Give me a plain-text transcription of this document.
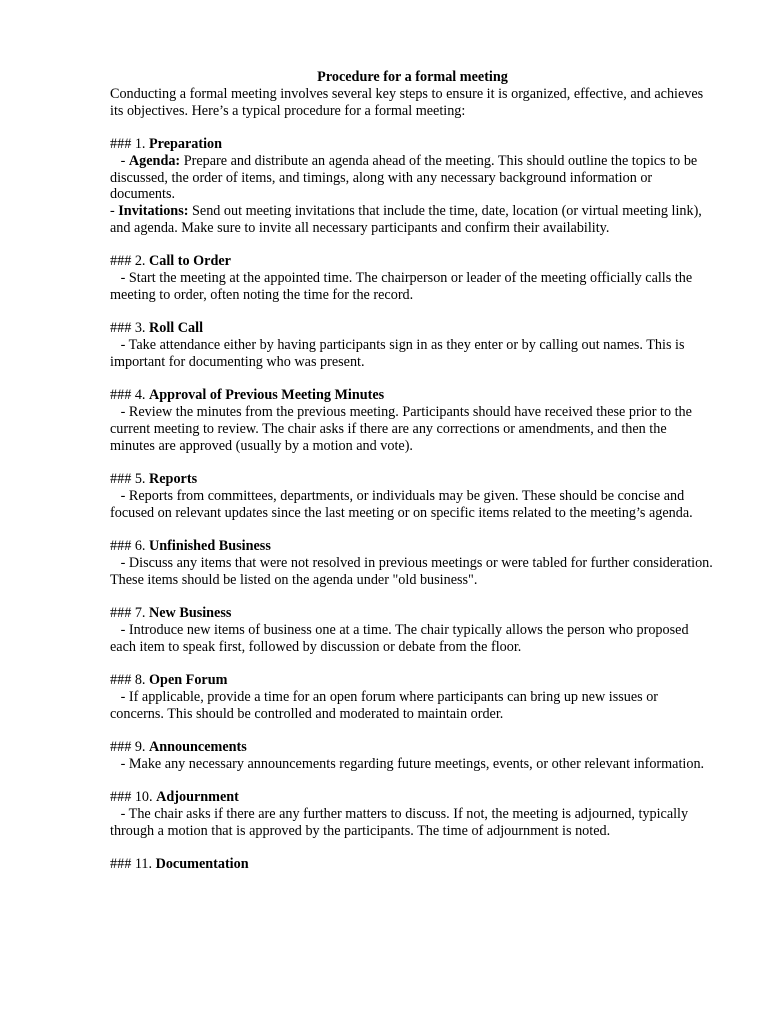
Procedure for a formal meeting

Conducting a formal meeting involves several key steps to ensure it is organized, effective, and achieves its objectives. Here’s a typical procedure for a formal meeting:

### 1. Preparation

- Agenda: Prepare and distribute an agenda ahead of the meeting. This should outline the topics to be discussed, the order of items, and timings, along with any necessary background information or documents.

- Invitations: Send out meeting invitations that include the time, date, location (or virtual meeting link), and agenda. Make sure to invite all necessary participants and confirm their availability.

### 2. Call to Order

- Start the meeting at the appointed time. The chairperson or leader of the meeting officially calls the meeting to order, often noting the time for the record.

### 3. Roll Call

- Take attendance either by having participants sign in as they enter or by calling out names. This is important for documenting who was present.

### 4. Approval of Previous Meeting Minutes

- Review the minutes from the previous meeting. Participants should have received these prior to the current meeting to review. The chair asks if there are any corrections or amendments, and then the minutes are approved (usually by a motion and vote).

### 5. Reports

- Reports from committees, departments, or individuals may be given. These should be concise and focused on relevant updates since the last meeting or on specific items related to the meeting’s agenda.

### 6. Unfinished Business

- Discuss any items that were not resolved in previous meetings or were tabled for further consideration. These items should be listed on the agenda under "old business".

### 7. New Business

- Introduce new items of business one at a time. The chair typically allows the person who proposed each item to speak first, followed by discussion or debate from the floor.

### 8. Open Forum

- If applicable, provide a time for an open forum where participants can bring up new issues or concerns. This should be controlled and moderated to maintain order.

### 9. Announcements

- Make any necessary announcements regarding future meetings, events, or other relevant information.

### 10. Adjournment

- The chair asks if there are any further matters to discuss. If not, the meeting is adjourned, typically through a motion that is approved by the participants. The time of adjournment is noted.

### 11. Documentation
